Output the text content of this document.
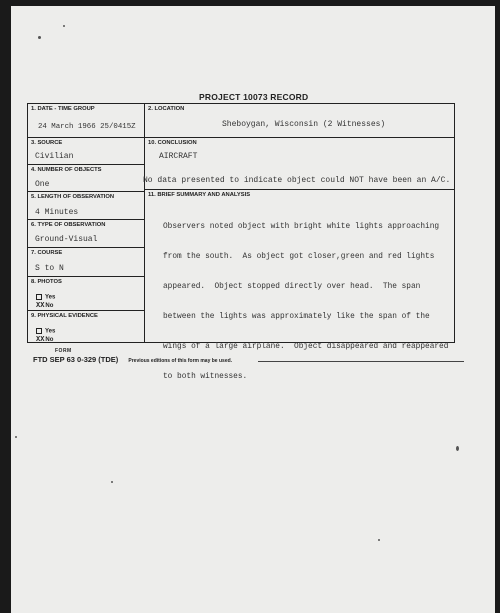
PROJECT 10073 RECORD
1. DATE - TIME GROUP
24 March 1966 25/0415Z
3. SOURCE
Civilian
4. NUMBER OF OBJECTS
One
5. LENGTH OF OBSERVATION
4 Minutes
6. TYPE OF OBSERVATION
Ground-Visual
7. COURSE
S to N
8. PHOTOS
Yes
XXNo
9. PHYSICAL EVIDENCE
Yes
XXNo
2. LOCATION
Sheboygan, Wisconsin (2 Witnesses)
10. CONCLUSION
AIRCRAFT
No data presented to indicate object could NOT have been an A/C.
11. BRIEF SUMMARY AND ANALYSIS

Observers noted object with bright white lights approaching

from the south.  As object got closer,green and red lights

appeared.  Object stopped directly over head.  The span

between the lights was approximately like the span of the

wings of a large airplane.  Object disappeared and reappeared

to both witnesses.

FORM
FTD SEP 63 0-329 (TDE) Previous editions of this form may be used.
